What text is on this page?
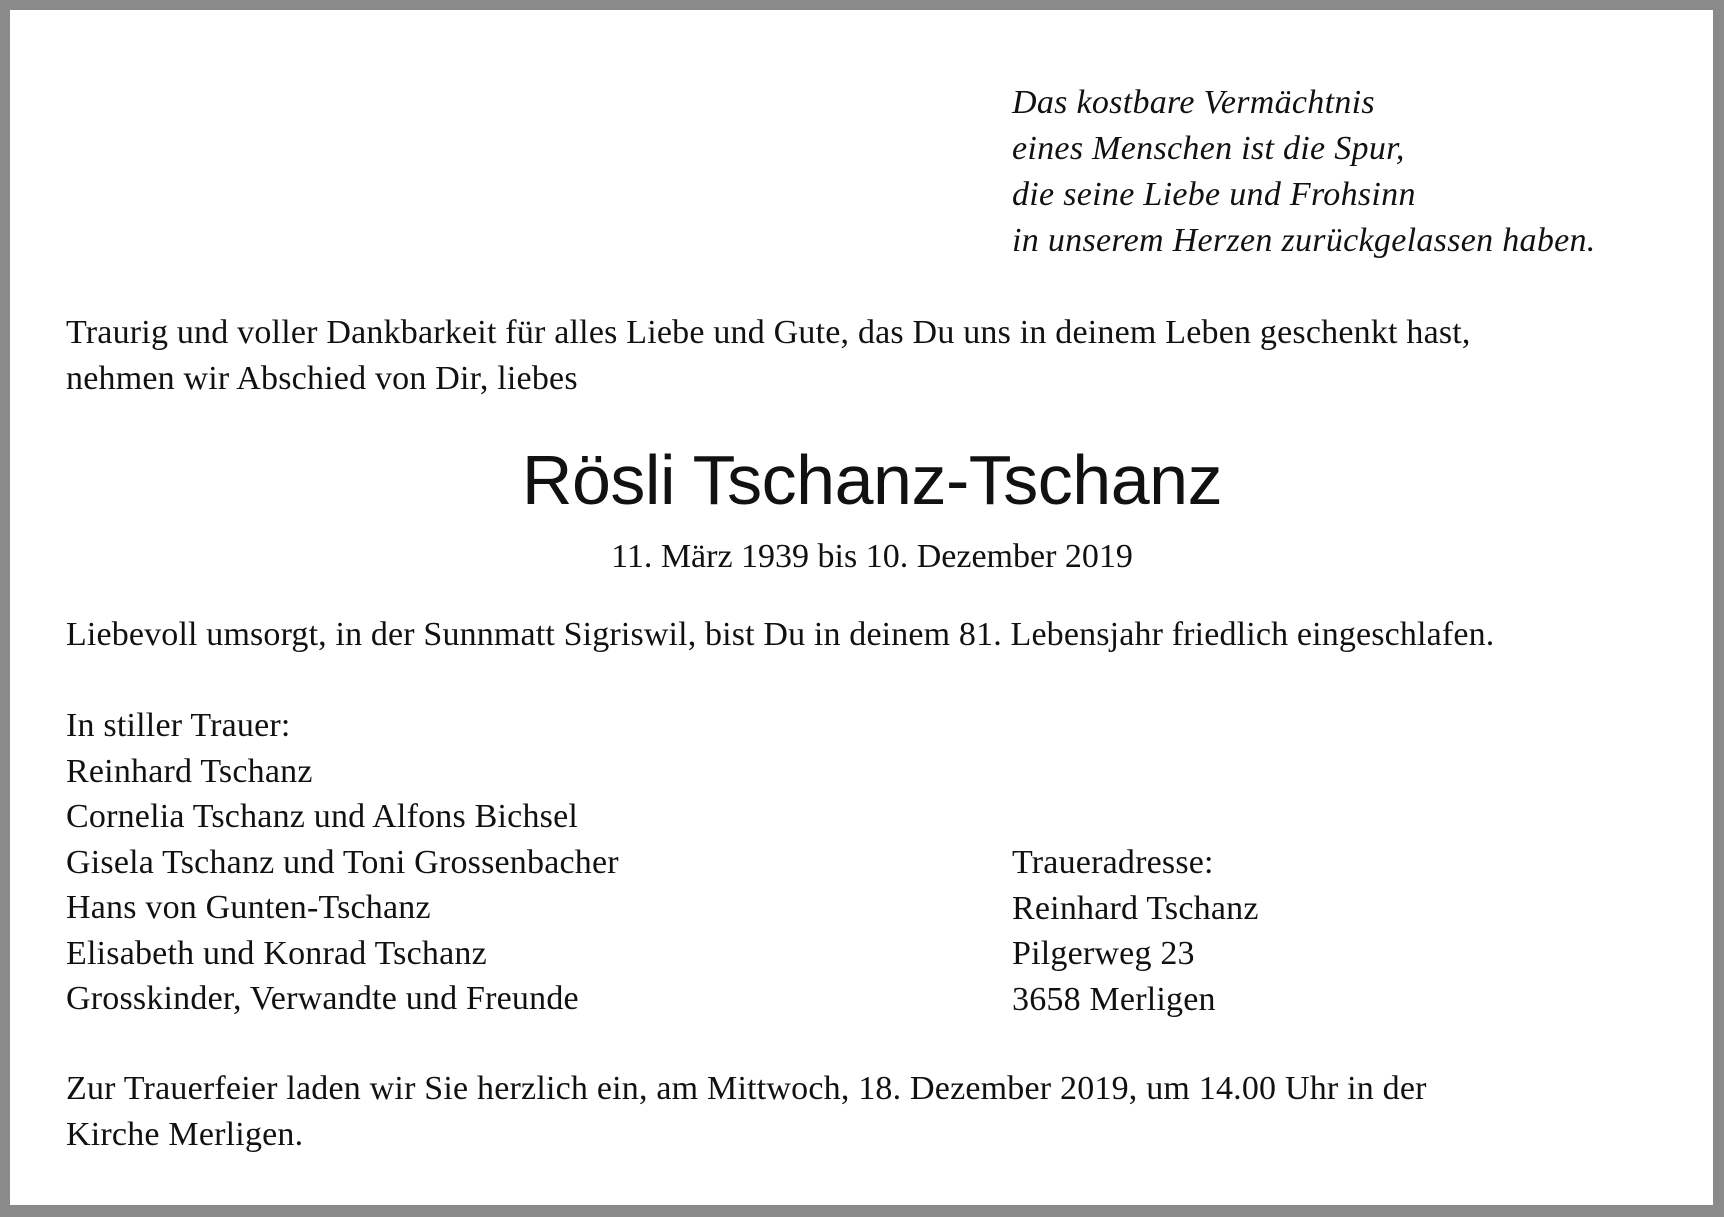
Das kostbare Vermächtnis
eines Menschen ist die Spur,
die seine Liebe und Frohsinn
in unserem Herzen zurückgelassen haben.
Traurig und voller Dankbarkeit für alles Liebe und Gute, das Du uns in deinem Leben geschenkt hast,
nehmen wir Abschied von Dir, liebes
Rösli Tschanz-Tschanz
11. März 1939 bis 10. Dezember 2019
Liebevoll umsorgt, in der Sunnmatt Sigriswil, bist Du in deinem 81. Lebensjahr friedlich eingeschlafen.
In stiller Trauer:
Reinhard Tschanz
Cornelia Tschanz und Alfons Bichsel
Gisela Tschanz und Toni Grossenbacher
Hans von Gunten-Tschanz
Elisabeth und Konrad Tschanz
Grosskinder, Verwandte und Freunde
Traueradresse:
Reinhard Tschanz
Pilgerweg 23
3658 Merligen
Zur Trauerfeier laden wir Sie herzlich ein, am Mittwoch, 18. Dezember 2019, um 14.00 Uhr in der
Kirche Merligen.
